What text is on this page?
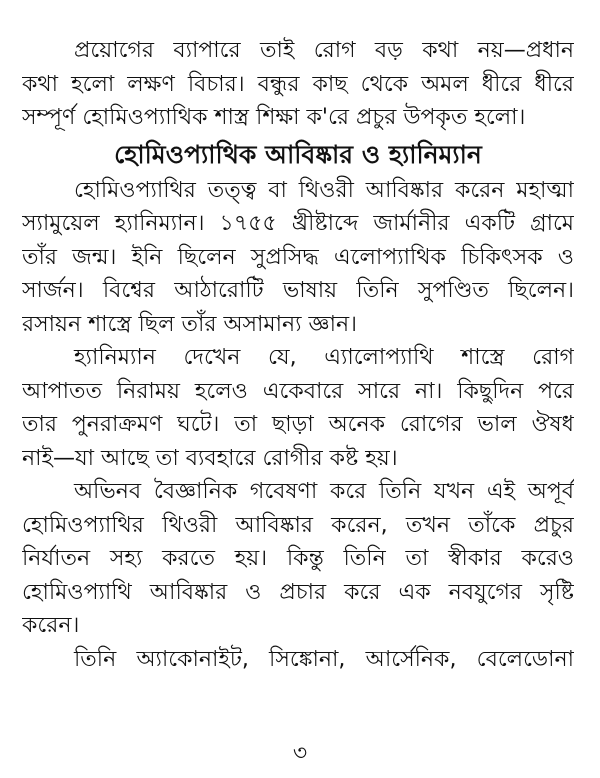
প্রয়োগের ব্যাপারে তাই রোগ বড় কথা নয়—প্রধান
কথা হলো লক্ষণ বিচার। বন্ধুর কাছ থেকে অমল ধীরে ধীরে
সম্পূর্ণ হোমিওপ্যাথিক শাস্ত্র শিক্ষা ক'রে প্রচুর উপকৃত হলো।
হোমিওপ্যাথিক আবিষ্কার ও হ্যানিম্যান
হোমিওপ্যাথির তত্ত্ব বা থিওরী আবিষ্কার করেন মহাত্মা
স্যামুয়েল হ্যানিম্যান। ১৭৫৫ খ্রীষ্টাব্দে জার্মানীর একটি গ্রামে
তাঁর জন্ম। ইনি ছিলেন সুপ্রসিদ্ধ এলোপ্যাথিক চিকিৎসক ও
সার্জন। বিশ্বের আঠারোটি ভাষায় তিনি সুপণ্ডিত ছিলেন।
রসায়ন শাস্ত্রে ছিল তাঁর অসামান্য জ্ঞান।
হ্যানিম্যান দেখেন যে, এ্যালোপ্যাথি শাস্ত্রে রোগ
আপাতত নিরাময় হলেও একেবারে সারে না। কিছুদিন পরে
তার পুনরাক্রমণ ঘটে। তা ছাড়া অনেক রোগের ভাল ঔষধ
নাই—যা আছে তা ব্যবহারে রোগীর কষ্ট হয়।
অভিনব বৈজ্ঞানিক গবেষণা করে তিনি যখন এই অপূর্ব
হোমিওপ্যাথির থিওরী আবিষ্কার করেন, তখন তাঁকে প্রচুর
নির্যাতন সহ্য করতে হয়। কিন্তু তিনি তা স্বীকার করেও
হোমিওপ্যাথি আবিষ্কার ও প্রচার করে এক নবযুগের সৃষ্টি
করেন।
তিনি অ্যাকোনাইট, সিঙ্কোনা, আর্সেনিক, বেলেডোনা
৩
